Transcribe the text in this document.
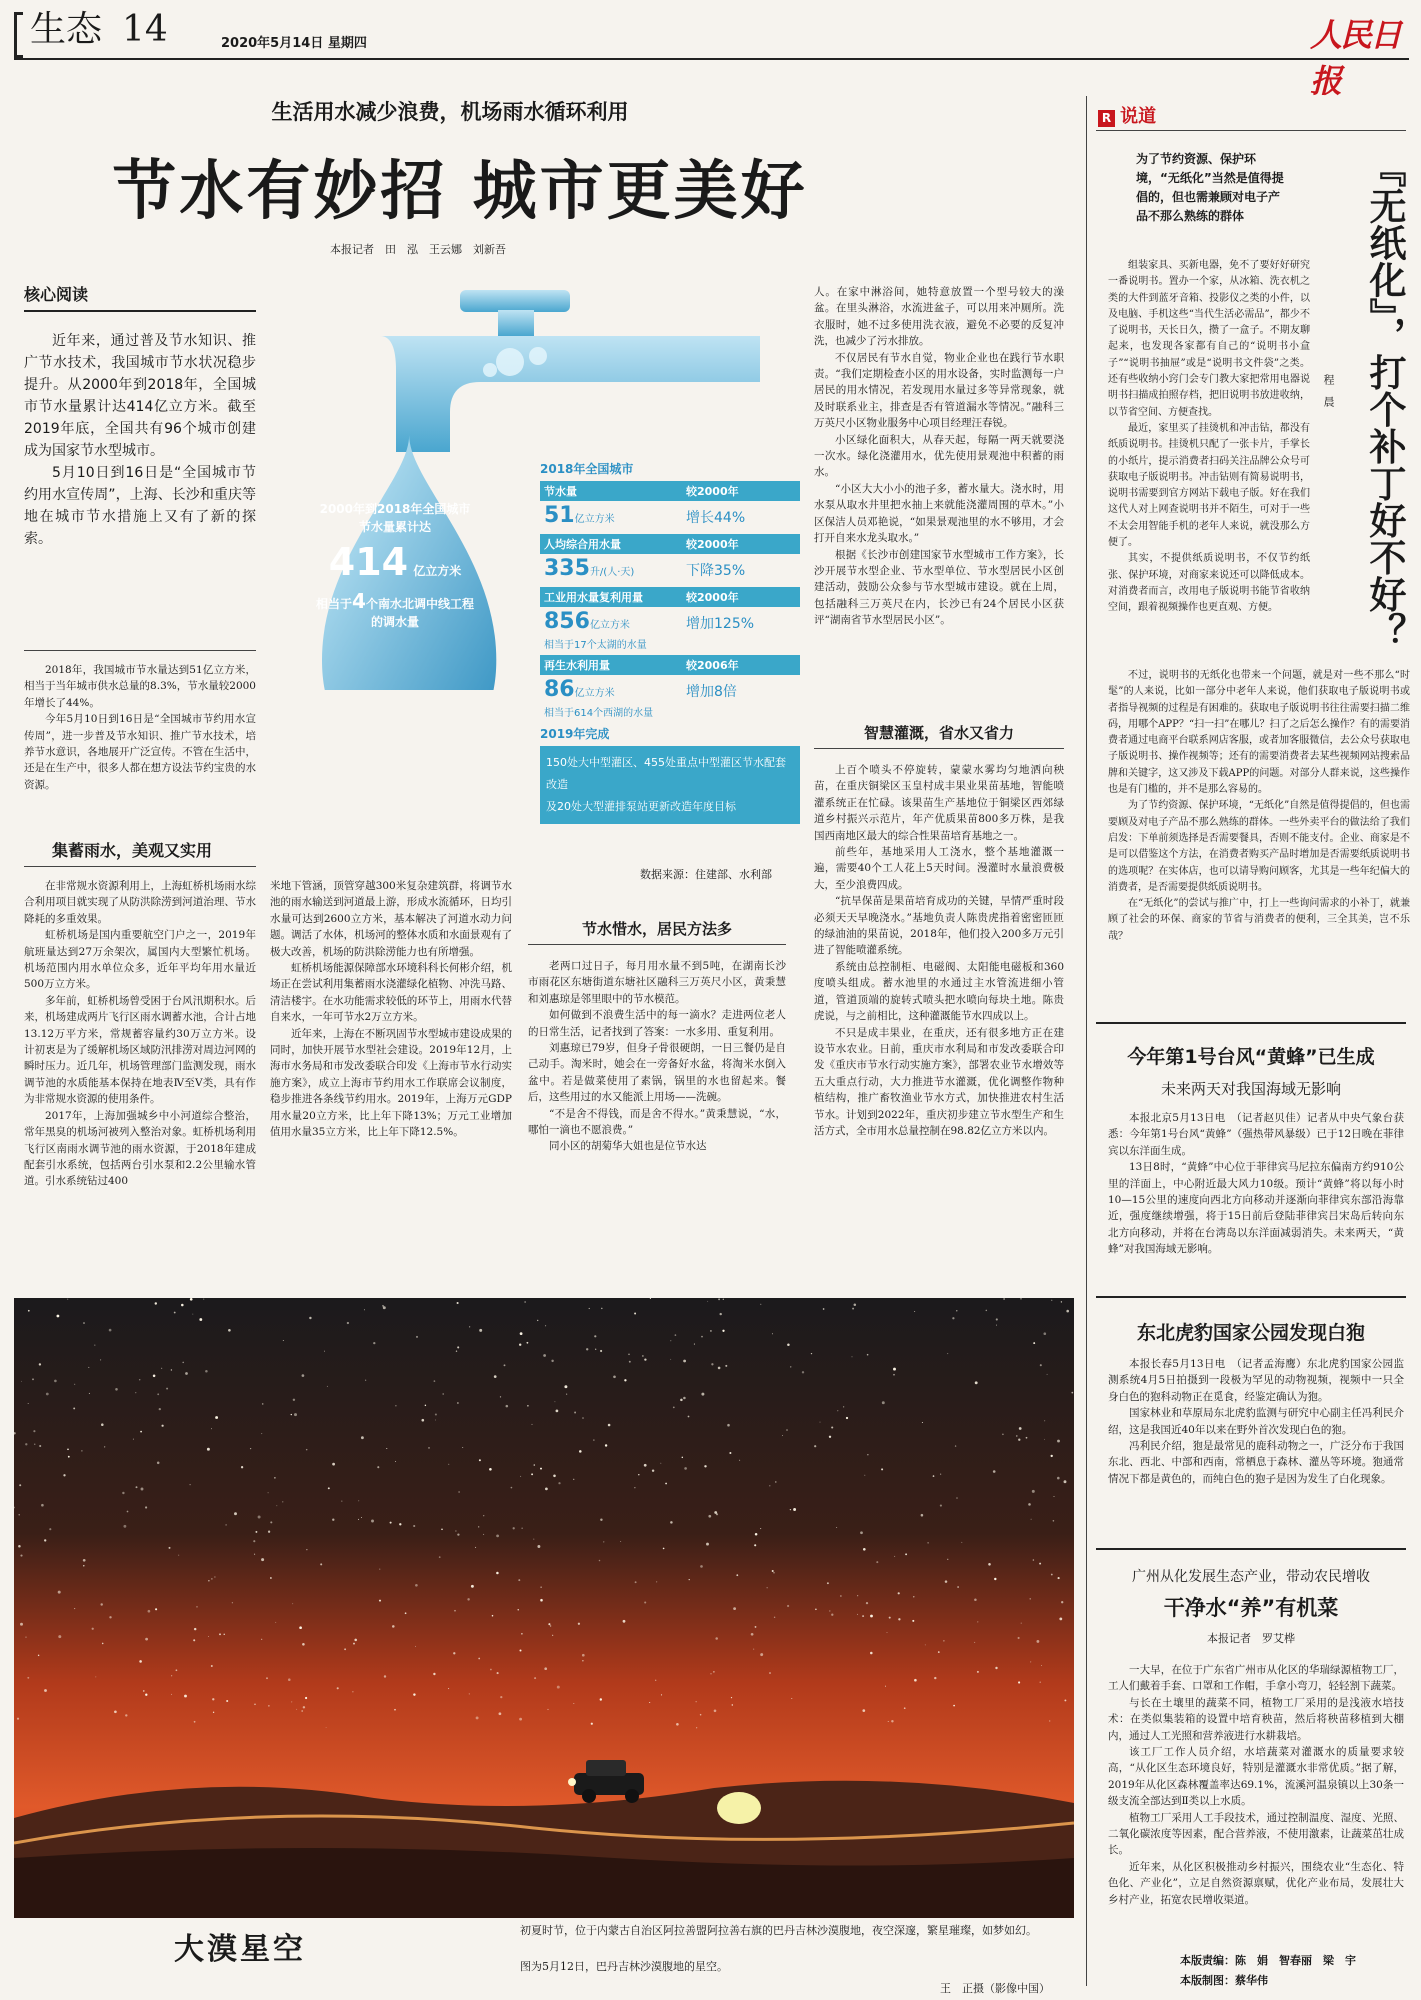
生态 14	2020年5月14日 星期四	人民日报
生活用水减少浪费，机场雨水循环利用
节水有妙招 城市更美好
本报记者　田　泓　王云娜　刘新吾
核心阅读

近年来，通过普及节水知识、推广节水技术，我国城市节水状况稳步提升。从2000年到2018年，全国城市节水量累计达414亿立方米。截至2019年底，全国共有96个城市创建成为国家节水型城市。

5月10日到16日是“全国城市节约用水宣传周”，上海、长沙和重庆等地在城市节水措施上又有了新的探索。

2018年，我国城市节水量达到51亿立方米，相当于当年城市供水总量的8.3%，节水量较2000年增长了44%。

今年5月10日到16日是“全国城市节约用水宣传周”，进一步普及节水知识、推广节水技术，培养节水意识，各地展开广泛宣传。不管在生活中，还是在生产中，很多人都在想方设法节约宝贵的水资源。

2000年到2018年全国城市节水量累计达
414 亿立方米
相当于4个南水北调中线工程的调水量
2018年全国城市
节水量	较2000年
51亿立方米	增长44%
人均综合用水量	较2000年
335升/(人·天)	下降35%
工业用水量复利用量	较2000年
856亿立方米	增加125%
相当于17个太湖的水量
再生水利用量	较2006年
86亿立方米	增加8倍
相当于614个西湖的水量
2019年完成
150处大中型灌区、455处重点中型灌区节水配套改造
及20处大型灌排泵站更新改造年度目标
数据来源：住建部、水利部
集蓄雨水，美观又实用

在非常规水资源利用上，上海虹桥机场雨水综合利用项目就实现了从防洪除涝到河道治理、节水降耗的多重效果。

虹桥机场是国内重要航空门户之一，2019年航班量达到27万余架次，属国内大型繁忙机场。机场范围内用水单位众多，近年平均年用水量近500万立方米。

多年前，虹桥机场曾受困于台风汛期积水。后来，机场建成两片飞行区雨水调蓄水池，合计占地13.12万平方米，常规蓄容量约30万立方米。设计初衷是为了缓解机场区域防汛排涝对周边河网的瞬时压力。近几年，机场管理部门监测发现，雨水调节池的水质能基本保持在地表Ⅳ至Ⅴ类，具有作为非常规水资源的使用条件。

2017年，上海加强城乡中小河道综合整治，常年黑臭的机场河被列入整治对象。虹桥机场利用飞行区南雨水调节池的雨水资源，于2018年建成配套引水系统，包括两台引水泵和2.2公里输水管道。引水系统钻过400

米地下管涵，顶管穿越300米复杂建筑群，将调节水池的雨水输送到河道最上游，形成水流循环，日均引水量可达到2600立方米，基本解决了河道水动力问题。调活了水体，机场河的整体水质和水面景观有了极大改善，机场的防洪除涝能力也有所增强。

虹桥机场能源保障部水环境科科长何彬介绍，机场正在尝试利用集蓄雨水浇灌绿化植物、冲洗马路、清洁楼宇。在水功能需求较低的环节上，用雨水代替自来水，一年可节水2万立方米。

近年来，上海在不断巩固节水型城市建设成果的同时，加快开展节水型社会建设。2019年12月，上海市水务局和市发改委联合印发《上海市节水行动实施方案》，成立上海市节约用水工作联席会议制度，稳步推进各条线节约用水。2019年，上海万元GDP用水量20立方米，比上年下降13%；万元工业增加值用水量35立方米，比上年下降12.5%。

节水惜水，居民方法多

老两口过日子，每月用水量不到5吨，在湖南长沙市雨花区东塘街道东塘社区融科三万英尺小区，黄秉慧和刘惠琼是邻里眼中的节水模范。

如何做到不浪费生活中的每一滴水？走进两位老人的日常生活，记者找到了答案：一水多用、重复利用。

刘惠琼已79岁，但身子骨很硬朗，一日三餐仍是自己动手。淘米时，她会在一旁备好水盆，将淘米水倒入盆中。若是做菜使用了素锅，锅里的水也留起来。餐后，这些用过的水又能派上用场——洗碗。

“不是舍不得钱，而是舍不得水。”黄秉慧说，“水，哪怕一滴也不愿浪费。”

同小区的胡菊华大姐也是位节水达

人。在家中淋浴间，她特意放置一个型号较大的澡盆。在里头淋浴，水流进盆子，可以用来冲厕所。洗衣服时，她不过多使用洗衣液，避免不必要的反复冲洗，也减少了污水排放。

不仅居民有节水自觉，物业企业也在践行节水职责。“我们定期检查小区的用水设备，实时监测每一户居民的用水情况，若发现用水量过多等异常现象，就及时联系业主，排查是否有管道漏水等情况。”融科三万英尺小区物业服务中心项目经理汪春锐。

小区绿化面积大，从春天起，每隔一两天就要浇一次水。绿化浇灌用水，优先使用景观池中积蓄的雨水。

“小区大大小小的池子多，蓄水量大。浇水时，用水泵从取水井里把水抽上来就能浇灌周围的草木。”小区保洁人员邓艳说，“如果景观池里的水不够用，才会打开自来水龙头取水。”

根据《长沙市创建国家节水型城市工作方案》，长沙开展节水型企业、节水型单位、节水型居民小区创建活动，鼓励公众参与节水型城市建设。就在上周，包括融科三万英尺在内，长沙已有24个居民小区获评“湖南省节水型居民小区”。

智慧灌溉，省水又省力

上百个喷头不停旋转，蒙蒙水雾均匀地洒向秧苗，在重庆铜梁区玉皇村成丰果业果苗基地，智能喷灌系统正在忙碌。该果苗生产基地位于铜梁区西郊绿道乡村振兴示范片，年产优质果苗800多万株，是我国西南地区最大的综合性果苗培育基地之一。

前些年，基地采用人工浇水，整个基地灌溉一遍，需要40个工人花上5天时间。漫灌时水量浪费极大，至少浪费四成。

“抗旱保苗是果苗培育成功的关键，旱情严重时段必须天天早晚浇水。”基地负责人陈贵虎指着密密匝匝的绿油油的果苗说，2018年，他们投入200多万元引进了智能喷灌系统。

系统由总控制柜、电磁阀、太阳能电磁板和360度喷头组成。蓄水池里的水通过主水管流进细小管道，管道顶端的旋转式喷头把水喷向每块土地。陈贵虎说，与之前相比，这种灌溉能节水四成以上。

不只是成丰果业，在重庆，还有很多地方正在建设节水农业。日前，重庆市水利局和市发改委联合印发《重庆市节水行动实施方案》，部署农业节水增效等五大重点行动，大力推进节水灌溉，优化调整作物种植结构，推广畜牧渔业节水方式，加快推进农村生活节水。计划到2022年，重庆初步建立节水型生产和生活方式，全市用水总量控制在98.82亿立方米以内。

大漠星空
初夏时节，位于内蒙古自治区阿拉善盟阿拉善右旗的巴丹吉林沙漠腹地，夜空深邃，繁星璀璨，如梦如幻。
图为5月12日，巴丹吉林沙漠腹地的星空。
王　正摄（影像中国）
R 说道
为了节约资源、保护环境，“无纸化”当然是值得提倡的，但也需兼顾对电子产品不那么熟练的群体	『无纸化』，打个补丁好不好？
程　晨

组装家具、买新电器，免不了要好好研究一番说明书。置办一个家，从冰箱、洗衣机之类的大件到蓝牙音箱、投影仪之类的小件，以及电脑、手机这些“当代生活必需品”，都少不了说明书，天长日久，攒了一盒子。不期友聊起来，也发现各家都有自己的“说明书小盒子”“说明书抽屉”或是“说明书文件袋”之类。还有些收纳小窍门会专门教大家把常用电器说明书扫描成拍照存档，把旧说明书放进收纳，以节省空间、方便查找。

最近，家里买了挂烫机和冲击钻，都没有纸质说明书。挂烫机只配了一张卡片，手掌长的小纸片，提示消费者扫码关注品牌公众号可获取电子版说明书。冲击钻则有简易说明书，说明书需要到官方网站下载电子版。好在我们这代人对上网查说明书并不陌生，可对于一些不太会用智能手机的老年人来说，就没那么方便了。

其实，不提供纸质说明书，不仅节约纸张、保护环境，对商家来说还可以降低成本。对消费者而言，改用电子版说明书能节省收纳空间，跟着视频操作也更直观、方便。

不过，说明书的无纸化也带来一个问题，就是对一些不那么“时髦”的人来说，比如一部分中老年人来说，他们获取电子版说明书或者指导视频的过程是有困难的。获取电子版说明书往往需要扫描二维码，用哪个APP？“扫一扫”在哪儿？扫了之后怎么操作？有的需要消费者通过电商平台联系网店客服，或者加客服微信，去公众号获取电子版说明书、操作视频等；还有的需要消费者去某些视频网站搜索品牌和关键字，这又涉及下载APP的问题。对部分人群来说，这些操作也是有门槛的，并不是那么容易的。

为了节约资源、保护环境，“无纸化”自然是值得提倡的，但也需要顾及对电子产品不那么熟练的群体。一些外卖平台的做法给了我们启发：下单前须选择是否需要餐具，否则不能支付。企业、商家是不是可以借鉴这个方法，在消费者购买产品时增加是否需要纸质说明书的选项呢？在实体店，也可以请导购问顾客，尤其是一些年纪偏大的消费者，是否需要提供纸质说明书。

在“无纸化”的尝试与推广中，打上一些询问需求的小补丁，就兼顾了社会的环保、商家的节省与消费者的便利，三全其美，岂不乐哉？

今年第1号台风“黄蜂”已生成
未来两天对我国海域无影响

本报北京5月13日电　（记者赵贝佳）记者从中央气象台获悉：今年第1号台风“黄蜂”（强热带风暴级）已于12日晚在菲律宾以东洋面生成。

13日8时，“黄蜂”中心位于菲律宾马尼拉东偏南方约910公里的洋面上，中心附近最大风力10级。预计“黄蜂”将以每小时10—15公里的速度向西北方向移动并逐渐向菲律宾东部沿海靠近，强度继续增强，将于15日前后登陆菲律宾吕宋岛后转向东北方向移动，并将在台湾岛以东洋面减弱消失。未来两天，“黄蜂”对我国海域无影响。

东北虎豹国家公园发现白狍

本报长春5月13日电　（记者孟海鹰）东北虎豹国家公园监测系统4月5日拍摄到一段极为罕见的动物视频，视频中一只全身白色的狍科动物正在觅食，经鉴定确认为狍。

国家林业和草原局东北虎豹监测与研究中心副主任冯利民介绍，这是我国近40年以来在野外首次发现白色的狍。

冯利民介绍，狍是最常见的鹿科动物之一，广泛分布于我国东北、西北、中部和西南，常栖息于森林、灌丛等环境。狍通常情况下都是黄色的，而纯白色的狍子是因为发生了白化现象。

广州从化发展生态产业，带动农民增收
干净水“养”有机菜
本报记者　罗艾桦

一大早，在位于广东省广州市从化区的华瑞绿源植物工厂，工人们戴着手套、口罩和工作帽，手拿小弯刀，轻轻割下蔬菜。

与长在土壤里的蔬菜不同，植物工厂采用的是浅液水培技术：在类似集装箱的设置中培育秧苗，然后将秧苗移植到大棚内，通过人工光照和营养液进行水耕栽培。

该工厂工作人员介绍，水培蔬菜对灌溉水的质量要求较高，“从化区生态环境良好，特别是灌溉水非常优质。”据了解，2019年从化区森林覆盖率达69.1%，流溪河温泉镇以上30条一级支流全部达到Ⅱ类以上水质。

植物工厂采用人工手段技术，通过控制温度、湿度、光照、二氧化碳浓度等因素，配合营养液，不使用激素，让蔬菜茁壮成长。

近年来，从化区积极推动乡村振兴，围绕农业“生态化、特色化、产业化”，立足自然资源禀赋，优化产业布局，发展壮大乡村产业，拓宽农民增收渠道。

本版责编：陈　娟　智春丽　梁　宇
本版制图：蔡华伟
